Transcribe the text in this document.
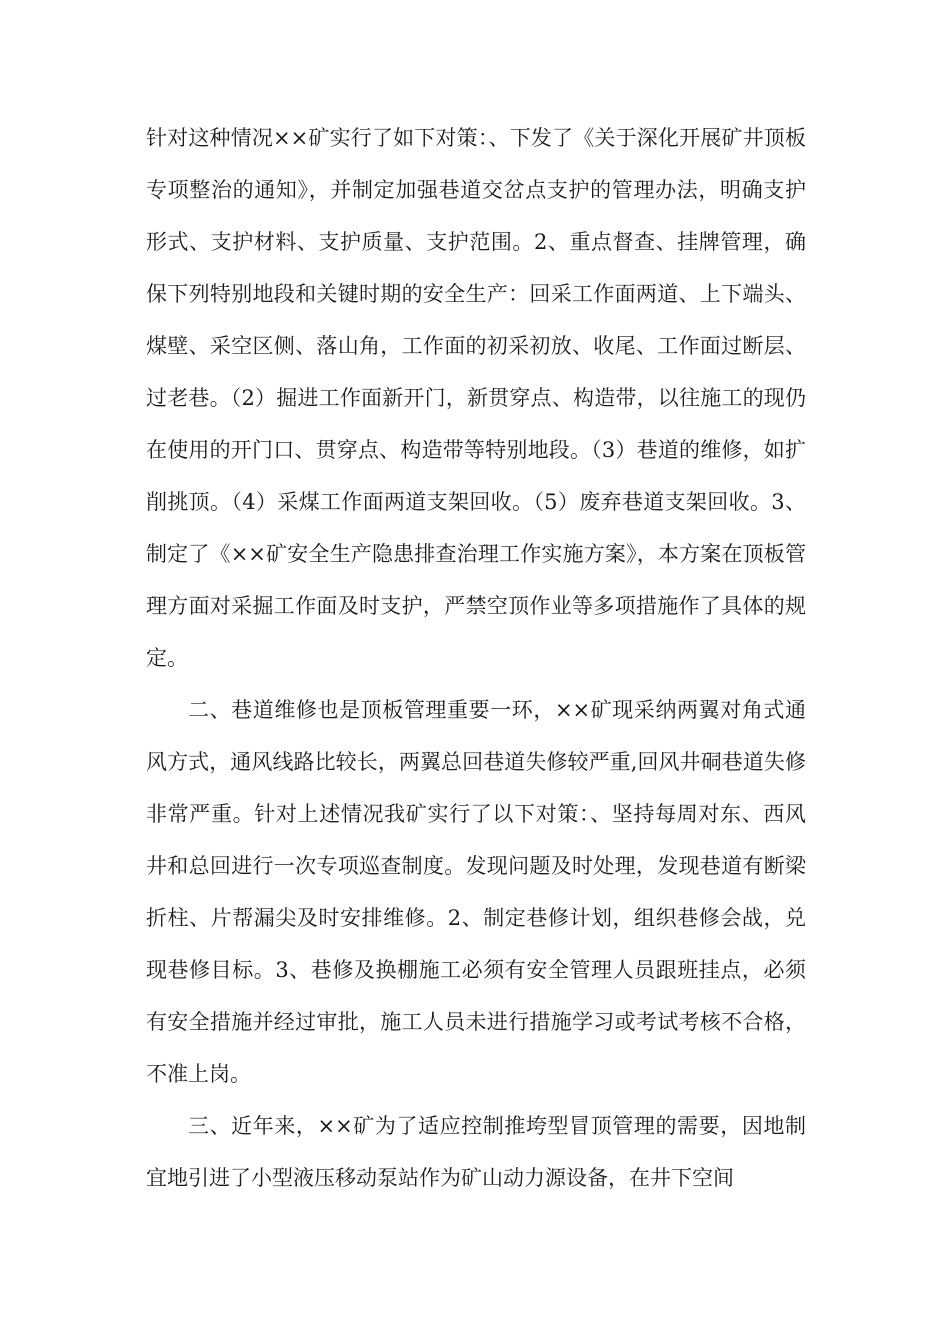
针对这种情况××矿实行了如下对策：、下发了《关于深化开展矿井顶板专项整治的通知》，并制定加强巷道交岔点支护的管理办法，明确支护形式、支护材料、支护质量、支护范围。2、重点督查、挂牌管理，确保下列特别地段和关键时期的安全生产：回采工作面两道、上下端头、煤壁、采空区侧、落山角，工作面的初采初放、收尾、工作面过断层、过老巷。（2）掘进工作面新开门，新贯穿点、构造带，以往施工的现仍在使用的开门口、贯穿点、构造带等特别地段。（3）巷道的维修，如扩削挑顶。（4）采煤工作面两道支架回收。（5）废弃巷道支架回收。3、制定了《××矿安全生产隐患排查治理工作实施方案》，本方案在顶板管理方面对采掘工作面及时支护，严禁空顶作业等多项措施作了具体的规定。

二、巷道维修也是顶板管理重要一环，××矿现采纳两翼对角式通风方式，通风线路比较长，两翼总回巷道失修较严重,回风井硐巷道失修非常严重。针对上述情况我矿实行了以下对策：、坚持每周对东、西风井和总回进行一次专项巡查制度。发现问题及时处理，发现巷道有断梁折柱、片帮漏尖及时安排维修。2、制定巷修计划，组织巷修会战，兑现巷修目标。3、巷修及换棚施工必须有安全管理人员跟班挂点，必须有安全措施并经过审批，施工人员未进行措施学习或考试考核不合格，不准上岗。

三、近年来，××矿为了适应控制推垮型冒顶管理的需要，因地制宜地引进了小型液压移动泵站作为矿山动力源设备，在井下空间
